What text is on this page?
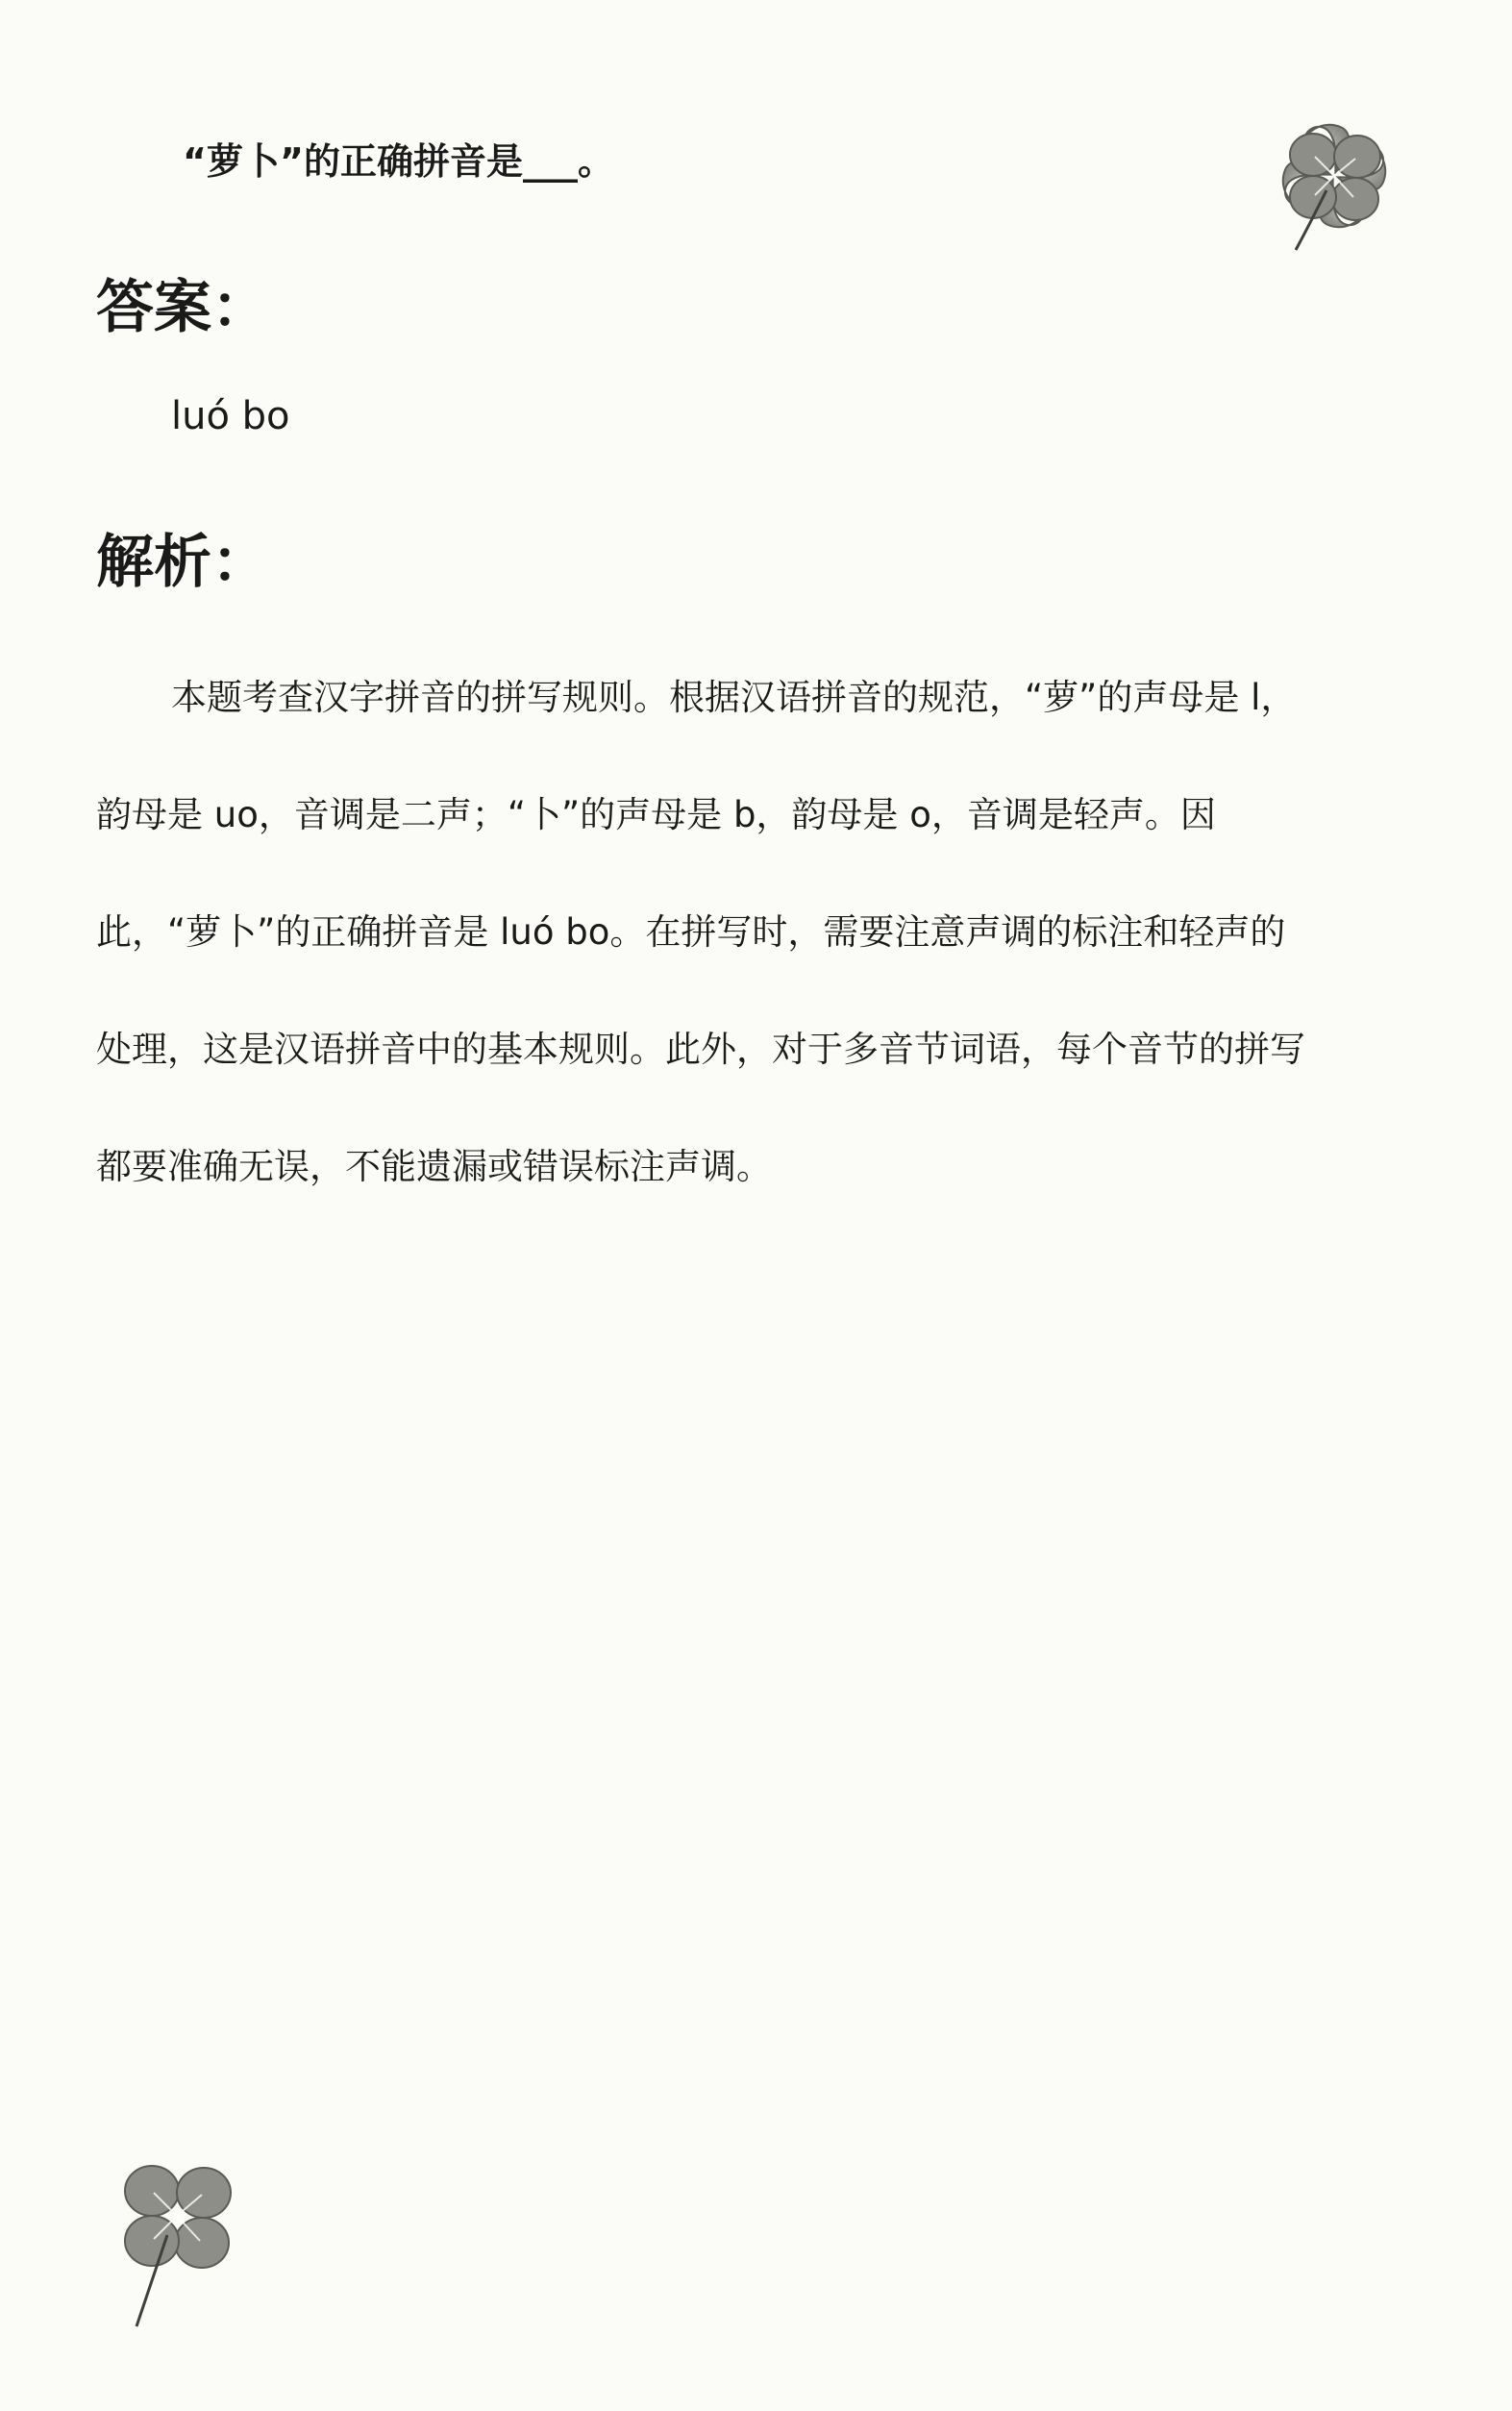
“萝卜”的正确拼音是___。
答案：
luó bo
解析：
本题考查汉字拼音的拼写规则。根据汉语拼音的规范，“萝”的声母是 l，
韵母是 uo，音调是二声；“卜”的声母是 b，韵母是 o，音调是轻声。因
此，“萝卜”的正确拼音是 luó bo。在拼写时，需要注意声调的标注和轻声的
处理，这是汉语拼音中的基本规则。此外，对于多音节词语，每个音节的拼写
都要准确无误，不能遗漏或错误标注声调。
